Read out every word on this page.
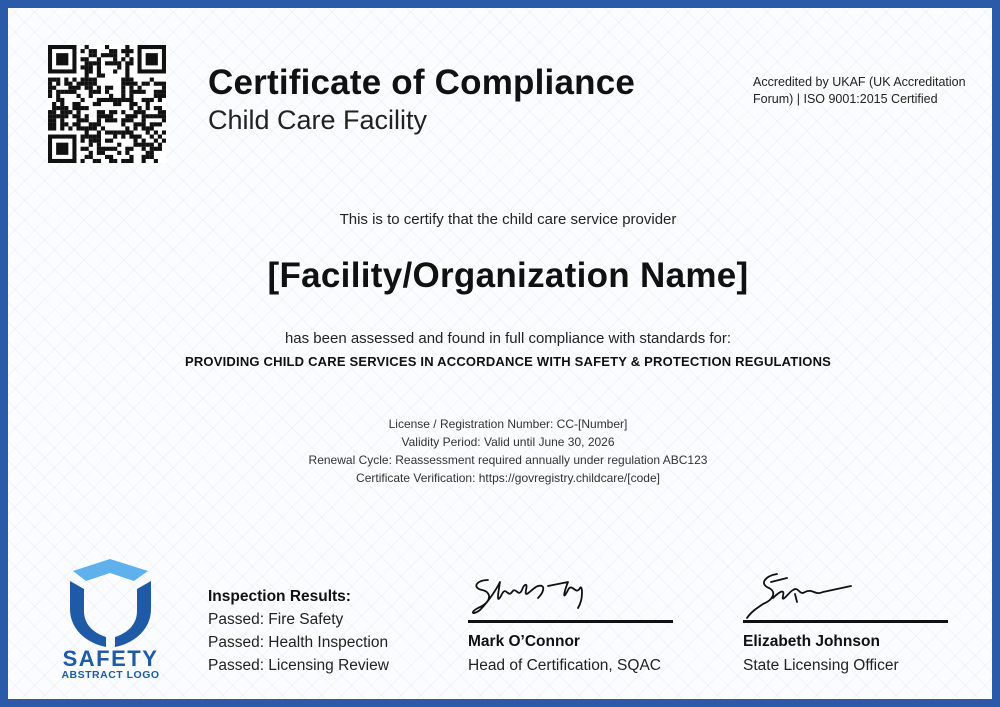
Certificate of Compliance
Child Care Facility
Accredited by UKAF (UK Accreditation Forum) | ISO 9001:2015 Certified
This is to certify that the child care service provider
[Facility/Organization Name]
has been assessed and found in full compliance with standards for:
PROVIDING CHILD CARE SERVICES IN ACCORDANCE WITH SAFETY & PROTECTION REGULATIONS
License / Registration Number: CC-[Number]
Validity Period: Valid until June 30, 2026
Renewal Cycle: Reassessment required annually under regulation ABC123
Certificate Verification: https://govregistry.childcare/[code]
SAFETY
ABSTRACT LOGO
Inspection Results:
Passed: Fire Safety
Passed: Health Inspection
Passed: Licensing Review
Mark O’Connor
Head of Certification, SQAC
Elizabeth Johnson
State Licensing Officer
